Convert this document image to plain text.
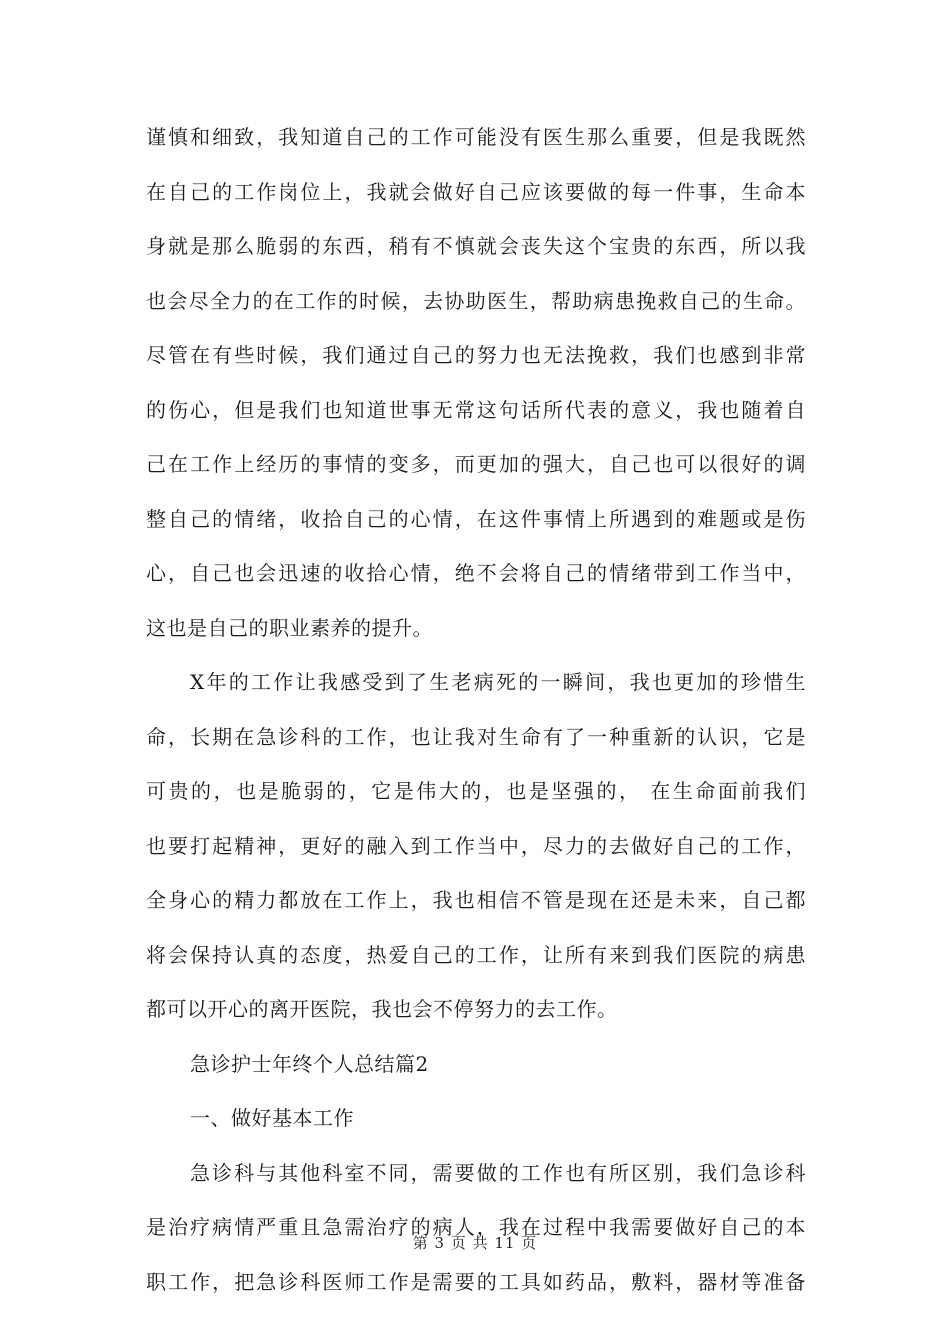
谨慎和细致，我知道自己的工作可能没有医生那么重要，但是我既然
在自己的工作岗位上，我就会做好自己应该要做的每一件事，生命本
身就是那么脆弱的东西，稍有不慎就会丧失这个宝贵的东西，所以我
也会尽全力的在工作的时候，去协助医生，帮助病患挽救自己的生命。
尽管在有些时候，我们通过自己的努力也无法挽救，我们也感到非常
的伤心，但是我们也知道世事无常这句话所代表的意义，我也随着自
己在工作上经历的事情的变多，而更加的强大，自己也可以很好的调
整自己的情绪，收拾自己的心情，在这件事情上所遇到的难题或是伤
心，自己也会迅速的收拾心情，绝不会将自己的情绪带到工作当中，
这也是自己的职业素养的提升。
X年的工作让我感受到了生老病死的一瞬间，我也更加的珍惜生
命，长期在急诊科的工作，也让我对生命有了一种重新的认识，它是
可贵的，也是脆弱的，它是伟大的，也是坚强的， 在生命面前我们
也要打起精神，更好的融入到工作当中，尽力的去做好自己的工作，
全身心的精力都放在工作上，我也相信不管是现在还是未来，自己都
将会保持认真的态度，热爱自己的工作，让所有来到我们医院的病患
都可以开心的离开医院，我也会不停努力的去工作。
急诊护士年终个人总结篇2
一、做好基本工作
急诊科与其他科室不同，需要做的工作也有所区别，我们急诊科
是治疗病情严重且急需治疗的病人，我在过程中我需要做好自己的本
职工作，把急诊科医师工作是需要的工具如药品，敷料，器材等准备
第 3 页 共 11 页
